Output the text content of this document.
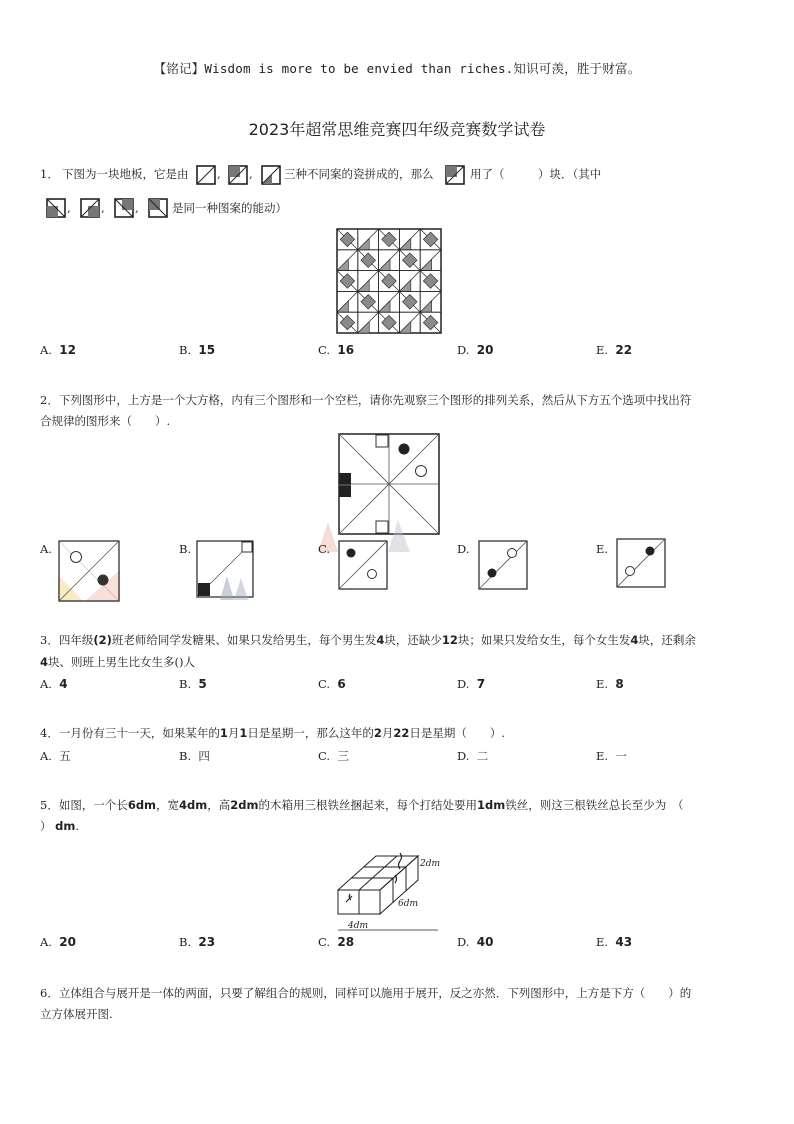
【铭记】Wisdom is more to be envied than riches.知识可羡，胜于财富。
2023年超常思维竞赛四年级竞赛数学试卷
1． 下图为一块地板，它是由 , ,	三种不同案的瓷拼成的，那么	用了（	）块．（其中
,	,	,	是同一种图案的能动）
A. 12	B. 15	C. 16	D. 20	E. 22
2．下列图形中，上方是一个大方格，内有三个图形和一个空栏，请你先观察三个图形的排列关系，然后从下方五个选项中找出符
合规律的图形来（　　）.
A.	B.	C.	D.	E.
3．四年级(2)班老师给同学发糖果、如果只发给男生，每个男生发4块，还缺少12块；如果只发给女生，每个女生发4块，还剩余
4块、则班上男生比女生多()人
A. 4	B. 5	C. 6	D. 7	E. 8
4．一月份有三十一天，如果某年的1月1日是星期一，那么这年的2月22日是星期（　　）.
A. 五	B. 四	C. 三	D. 二	E. 一
5．如图，一个长6dm，宽4dm，高2dm的木箱用三根铁丝捆起来，每个打结处要用1dm铁丝，则这三根铁丝总长至少为　（
） dm.
2dm
6dm
4dm
A. 20	B. 23	C. 28	D. 40	E. 43
6．立体组合与展开是一体的两面，只要了解组合的规则，同样可以施用于展开，反之亦然．下列图形中，上方是下方（　　）的
立方体展开图.
